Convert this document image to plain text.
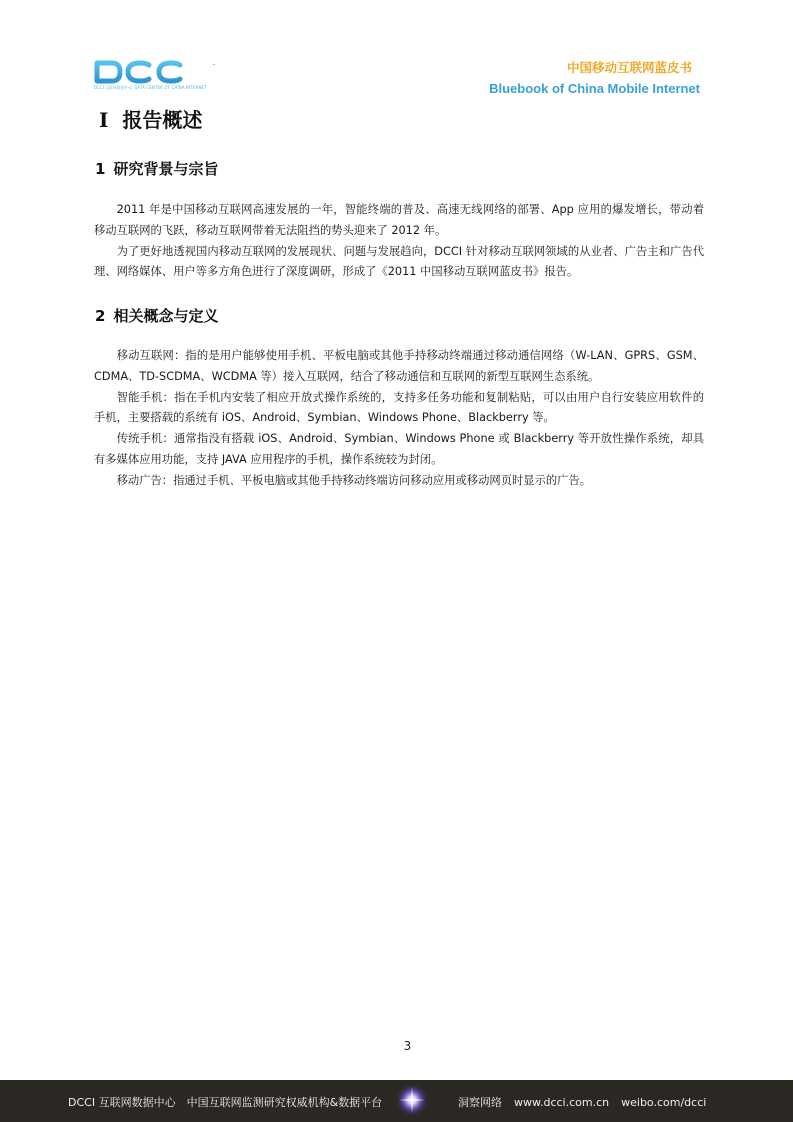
™
DCCI互联网数据中心 DATA CENTER OF CHINA INTERNET
中国移动互联网蓝皮书
Bluebook of China Mobile Internet
I 报告概述
1 研究背景与宗旨

2011 年是中国移动互联网高速发展的一年，智能终端的普及、高速无线网络的部署、App 应用的爆发增长，带动着移动互联网的飞跃，移动互联网带着无法阻挡的势头迎来了 2012 年。

为了更好地透视国内移动互联网的发展现状、问题与发展趋向，DCCI 针对移动互联网领域的从业者、广告主和广告代理、网络媒体、用户等多方角色进行了深度调研，形成了《2011 中国移动互联网蓝皮书》报告。

2 相关概念与定义

移动互联网：指的是用户能够使用手机、平板电脑或其他手持移动终端通过移动通信网络（W-LAN、GPRS、GSM、CDMA、TD-SCDMA、WCDMA 等）接入互联网，结合了移动通信和互联网的新型互联网生态系统。

智能手机：指在手机内安装了相应开放式操作系统的，支持多任务功能和复制粘贴，可以由用户自行安装应用软件的手机，主要搭载的系统有 iOS、Android、Symbian、Windows Phone、Blackberry 等。

传统手机：通常指没有搭载 iOS、Android、Symbian、Windows Phone 或 Blackberry 等开放性操作系统，却具有多媒体应用功能，支持 JAVA 应用程序的手机，操作系统较为封闭。

移动广告：指通过手机、平板电脑或其他手持移动终端访问移动应用或移动网页时显示的广告。

3
DCCI 互联网数据中心 中国互联网监测研究权威机构&数据平台	洞察网络 www.dcci.com.cn weibo.com/dcci
